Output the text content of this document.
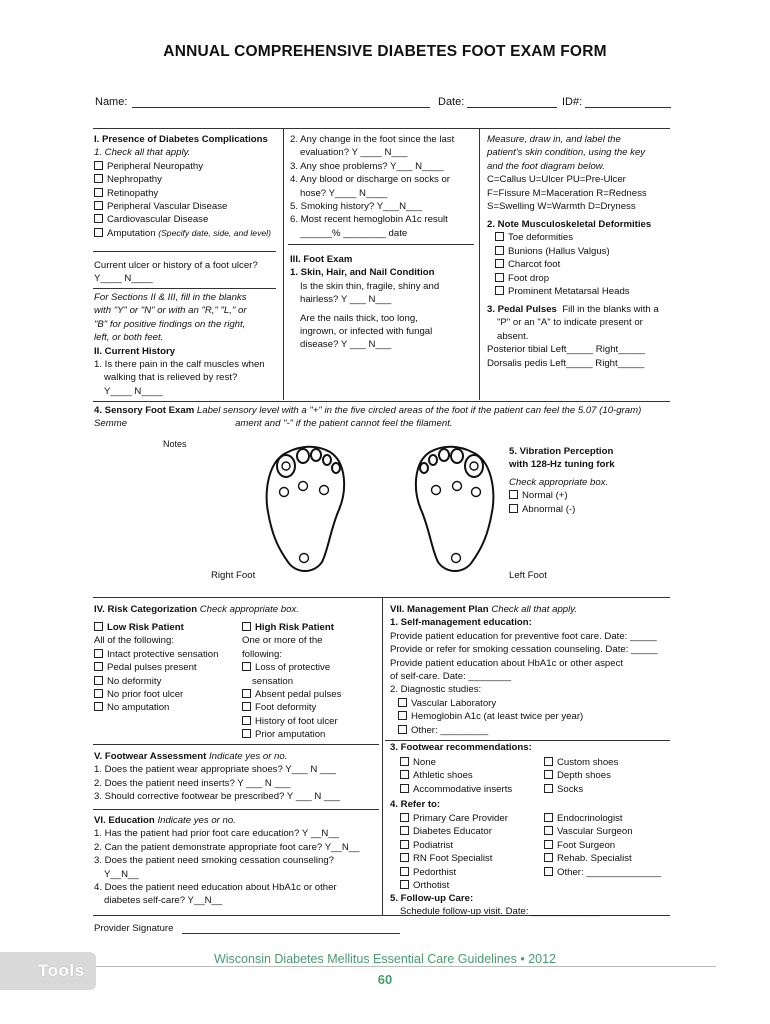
ANNUAL COMPREHENSIVE DIABETES FOOT EXAM FORM
Name:	Date:	ID#:
I. Presence of Diabetes Complications
1. Check all that apply.
Peripheral Neuropathy
Nephropathy
Retinopathy
Peripheral Vascular Disease
Cardiovascular Disease
Amputation (Specify date, side, and level)
Current ulcer or history of a foot ulcer?
Y____ N____
For Sections II & III, fill in the blanks
with "Y" or "N" or with an "R," "L," or
"B" for positive findings on the right,
left, or both feet.
II. Current History
1. Is there pain in the calf muscles when
walking that is relieved by rest?
Y____ N____
2. Any change in the foot since the last
evaluation? Y ____ N___
3. Any shoe problems? Y___ N____
4. Any blood or discharge on socks or
hose? Y____ N____
5. Smoking history? Y___N___
6. Most recent hemoglobin A1c result
______% ________ date
III. Foot Exam
1. Skin, Hair, and Nail Condition
Is the skin thin, fragile, shiny and
hairless? Y ___ N___
Are the nails thick, too long,
ingrown, or infected with fungal
disease? Y ___ N___
Measure, draw in, and label the
patient's skin condition, using the key
and the foot diagram below.
C=Callus U=Ulcer PU=Pre-Ulcer
F=Fissure M=Maceration R=Redness
S=Swelling W=Warmth D=Dryness
2. Note Musculoskeletal Deformities
Toe deformities
Bunions (Hallus Valgus)
Charcot foot
Foot drop
Prominent Metatarsal Heads
3. Pedal Pulses Fill in the blanks with a
"P" or an "A" to indicate present or
absent.
Posterior tibial Left_____ Right_____
Dorsalis pedis Left_____ Right_____
4. Sensory Foot Exam Label sensory level with a "+" in the five circled areas of the foot if the patient can feel the 5.07 (10-gram)
Semme	ament and "-" if the patient cannot feel the filament.
Notes
Right Foot	Left Foot
5. Vibration Perception
with 128-Hz tuning fork
Check appropriate box.
Normal (+)
Abnormal (-)
IV. Risk Categorization Check appropriate box.
Low Risk Patient
All of the following:
Intact protective sensation
Pedal pulses present
No deformity
No prior foot ulcer
No amputation
High Risk Patient
One or more of the
following:
Loss of protective
sensation
Absent pedal pulses
Foot deformity
History of foot ulcer
Prior amputation
V. Footwear Assessment Indicate yes or no.
1. Does the patient wear appropriate shoes? Y___ N ___
2. Does the patient need inserts? Y ___ N ___
3. Should corrective footwear be prescribed? Y ___ N ___
VI. Education Indicate yes or no.
1. Has the patient had prior foot care education? Y __N__
2. Can the patient demonstrate appropriate foot care? Y__N__
3. Does the patient need smoking cessation counseling?
Y__N__
4. Does the patient need education about HbA1c or other
diabetes self-care? Y__N__
VII. Management Plan Check all that apply.
1. Self-management education:
Provide patient education for preventive foot care. Date: _____
Provide or refer for smoking cessation counseling. Date: _____
Provide patient education about HbA1c or other aspect
of self-care. Date: ________
2. Diagnostic studies:
Vascular Laboratory
Hemoglobin A1c (at least twice per year)
Other: _________
3. Footwear recommendations:
None
Athletic shoes
Accommodative inserts
Custom shoes
Depth shoes
Socks
4. Refer to:
Primary Care Provider
Diabetes Educator
Podiatrist
RN Foot Specialist
Pedorthist
Orthotist
Endocrinologist
Vascular Surgeon
Foot Surgeon
Rehab. Specialist
Other: ______________
5. Follow-up Care:
Schedule follow-up visit. Date: _____________
Provider Signature
Tools
Wisconsin Diabetes Mellitus Essential Care Guidelines • 2012
60
